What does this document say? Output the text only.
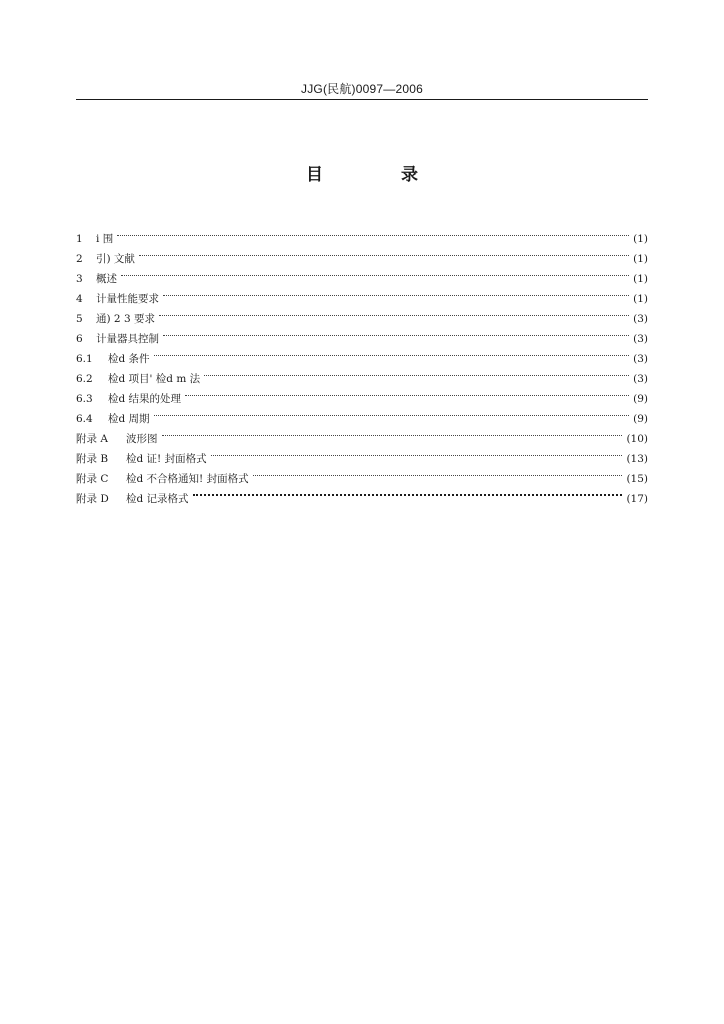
JJG(民航)0097—2006
目 录
1	i 围	(1)
2	引) 文献	(1)
3	概述	(1)
4	计量性能要求	(1)
5	通) 2 3 要求	(3)
6	计量器具控制	(3)
6.1	检d 条件	(3)
6.2	检d 项目' 检d m 法	(3)
6.3	检d 结果的处理	(9)
6.4	检d 周期	(9)
附录 A	波形图	(10)
附录 B	检d 证! 封面格式	(13)
附录 C	检d 不合格通知! 封面格式	(15)
附录 D	检d 记录格式	(17)
